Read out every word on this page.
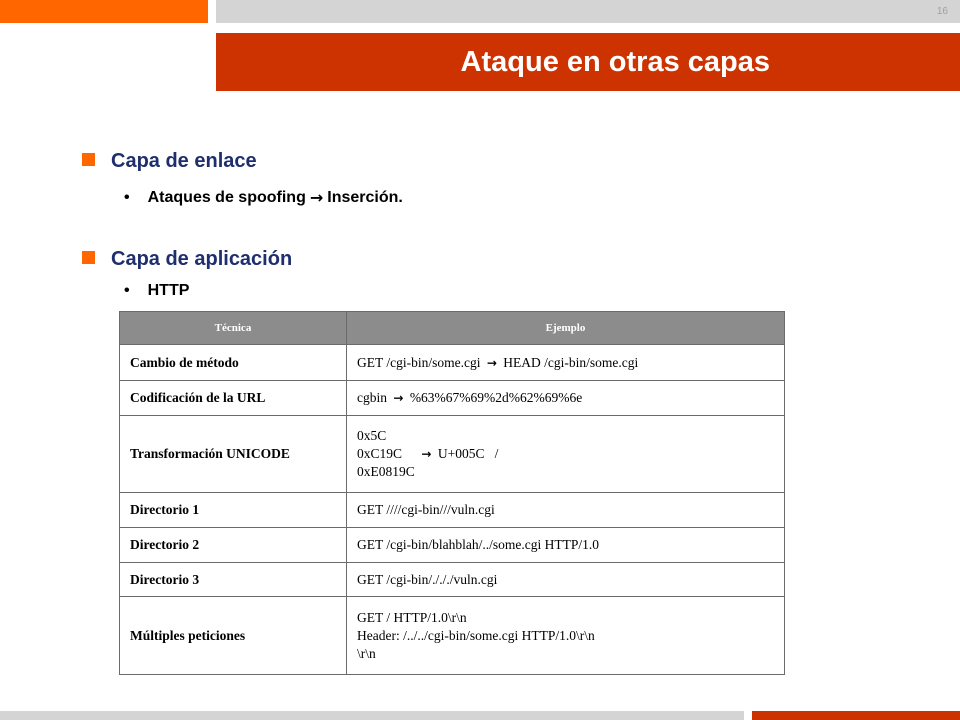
16
Ataque en otras capas
Capa de enlace
• Ataques de spoofing → Inserción.
Capa de aplicación
• HTTP
Técnica	Ejemplo
Cambio de método	GET /cgi-bin/some.cgi → HEAD /cgi-bin/some.cgi
Codificación de la URL	cgbin → %63%67%69%2d%62%69%6e
Transformación UNICODE	0x5C
0xC19C → U+005C   /
0xE0819C

Directorio 1	GET ////cgi-bin///vuln.cgi
Directorio 2	GET /cgi-bin/blahblah/../some.cgi HTTP/1.0
Directorio 3	GET /cgi-bin/./././vuln.cgi
Múltiples peticiones	GET / HTTP/1.0\r\n
Header: /../../cgi-bin/some.cgi HTTP/1.0\r\n
\r\n
